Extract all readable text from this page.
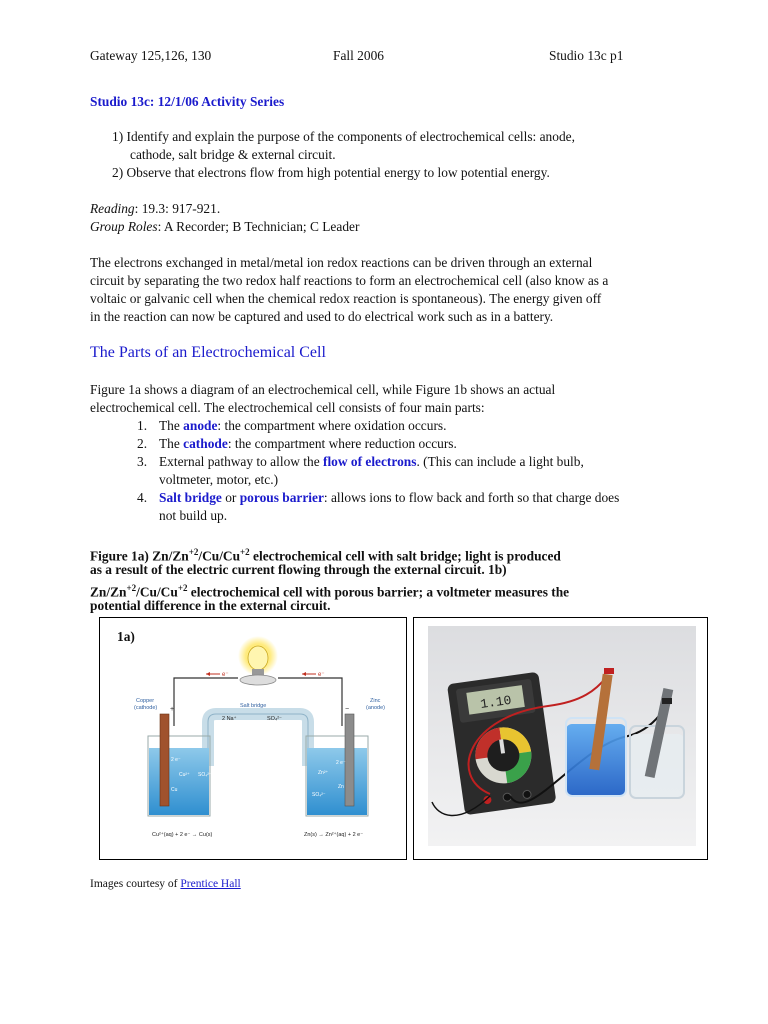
Gateway 125,126, 130	Fall 2006	Studio 13c p1
Studio 13c: 12/1/06 Activity Series
1) Identify and explain the purpose of the components of electrochemical cells: anode,
cathode, salt bridge & external circuit.
2) Observe that electrons flow from high potential energy to low potential energy.
Reading: 19.3: 917-921.
Group Roles: A Recorder; B Technician; C Leader
The electrons exchanged in metal/metal ion redox reactions can be driven through an external
circuit by separating the two redox half reactions to form an electrochemical cell (also know as a
voltaic or galvanic cell when the chemical redox reaction is spontaneous). The energy given off
in the reaction can now be captured and used to do electrical work such as in a battery.
The Parts of an Electrochemical Cell
Figure 1a shows a diagram of an electrochemical cell, while Figure 1b shows an actual
electrochemical cell. The electrochemical cell consists of four main parts:
1. The anode: the compartment where oxidation occurs.
2. The cathode: the compartment where reduction occurs.
3. External pathway to allow the flow of electrons. (This can include a light bulb,
voltmeter, motor, etc.)
4. Salt bridge or porous barrier: allows ions to flow back and forth so that charge does
not build up.
Figure 1a) $Zn/Zn^{+2}/Cu/Cu^{+2}$ electrochemical cell with salt bridge; light is produced
as a result of the electric current flowing through the external circuit. 1b)
$Zn/Zn^{+2}/Cu/Cu^{+2}$ electrochemical cell with porous barrier; a voltmeter measures the
potential difference in the external circuit.
1a)
e⁻	e⁻
Copper
(cathode)
Zinc
(anode)
+	−
Salt bridge
2 Na⁺	SO₄²⁻
2 e⁻
Cu²⁺
Cu
SO₄²⁻	Zn²⁺
2 e⁻
Zn
SO₄²⁻
Cu²⁺(aq) + 2 e⁻ → Cu(s)	Zn(s) → Zn²⁺(aq) + 2 e⁻
1.10
Images courtesy of Prentice Hall
